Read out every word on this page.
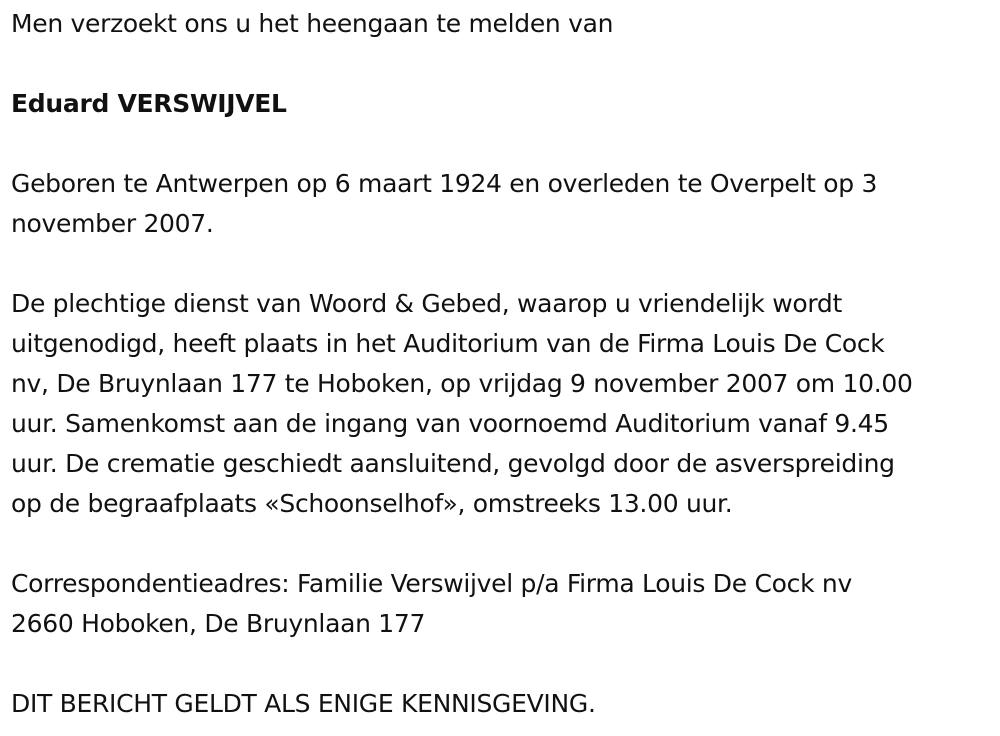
Men verzoekt ons u het heengaan te melden van

Eduard VERSWIJVEL

Geboren te Antwerpen op 6 maart 1924 en overleden te Overpelt op 3

november 2007.

De plechtige dienst van Woord & Gebed, waarop u vriendelijk wordt

uitgenodigd, heeft plaats in het Auditorium van de Firma Louis De Cock

nv, De Bruynlaan 177 te Hoboken, op vrijdag 9 november 2007 om 10.00

uur. Samenkomst aan de ingang van voornoemd Auditorium vanaf 9.45

uur. De crematie geschiedt aansluitend, gevolgd door de asverspreiding

op de begraafplaats «Schoonselhof», omstreeks 13.00 uur.

Correspondentieadres: Familie Verswijvel p/a Firma Louis De Cock nv

2660 Hoboken, De Bruynlaan 177

DIT BERICHT GELDT ALS ENIGE KENNISGEVING.
